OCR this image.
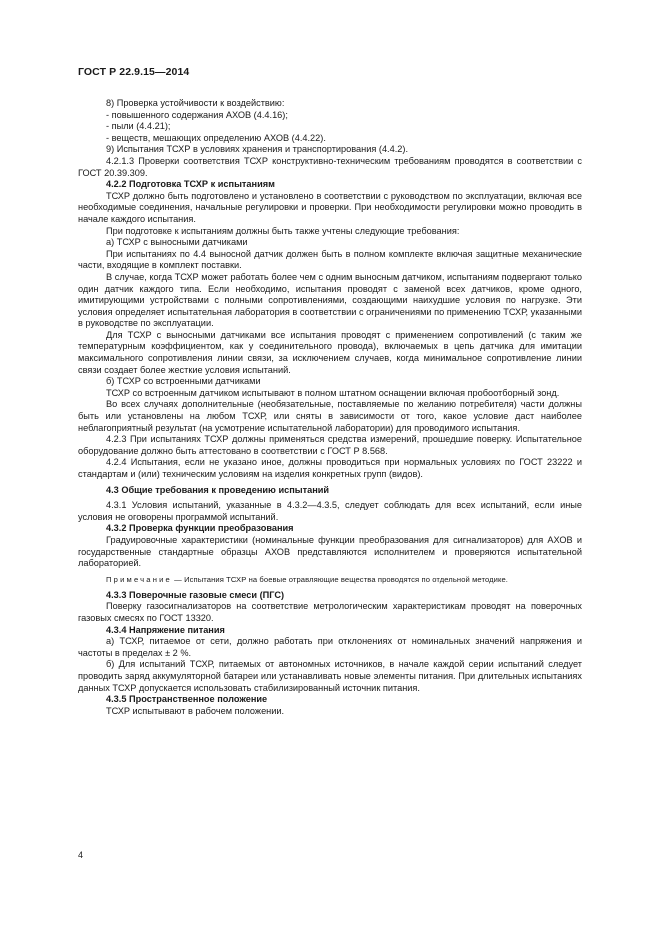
ГОСТ Р 22.9.15—2014

8) Проверка устойчивости к воздействию:

- повышенного содержания АХОВ (4.4.16);

- пыли (4.4.21);

- веществ, мешающих определению АХОВ (4.4.22).

9) Испытания ТСХР в условиях хранения и транспортирования (4.4.2).

4.2.1.3 Проверки соответствия ТСХР конструктивно-техническим требованиям проводятся в соответствии с ГОСТ 20.39.309.

4.2.2 Подготовка ТСХР к испытаниям

ТСХР должно быть подготовлено и установлено в соответствии с руководством по эксплуатации, включая все необходимые соединения, начальные регулировки и проверки. При необходимости регулировки можно проводить в начале каждого испытания.

При подготовке к испытаниям должны быть также учтены следующие требования:

а) ТСХР с выносными датчиками

При испытаниях по 4.4 выносной датчик должен быть в полном комплекте включая защитные механические части, входящие в комплект поставки.

В случае, когда ТСХР может работать более чем с одним выносным датчиком, испытаниям подвергают только один датчик каждого типа. Если необходимо, испытания проводят с заменой всех датчиков, кроме одного, имитирующими устройствами с полными сопротивлениями, создающими наихудшие условия по нагрузке. Эти условия определяет испытательная лаборатория в соответствии с ограничениями по применению ТСХР, указанными в руководстве по эксплуатации.

Для ТСХР с выносными датчиками все испытания проводят с применением сопротивлений (с таким же температурным коэффициентом, как у соединительного провода), включаемых в цепь датчика для имитации максимального сопротивления линии связи, за исключением случаев, когда минимальное сопротивление линии связи создает более жесткие условия испытаний.

б) ТСХР со встроенными датчиками

ТСХР со встроенным датчиком испытывают в полном штатном оснащении включая пробоотборный зонд.

Во всех случаях дополнительные (необязательные, поставляемые по желанию потребителя) части должны быть или установлены на любом ТСХР, или сняты в зависимости от того, какое условие даст наиболее неблагоприятный результат (на усмотрение испытательной лаборатории) для проводимого испытания.

4.2.3 При испытаниях ТСХР должны применяться средства измерений, прошедшие поверку. Испытательное оборудование должно быть аттестовано в соответствии с ГОСТ Р 8.568.

4.2.4 Испытания, если не указано иное, должны проводиться при нормальных условиях по ГОСТ 23222 и стандартам и (или) техническим условиям на изделия конкретных групп (видов).

4.3 Общие требования к проведению испытаний

4.3.1 Условия испытаний, указанные в 4.3.2—4.3.5, следует соблюдать для всех испытаний, если иные условия не оговорены программой испытаний.

4.3.2 Проверка функции преобразования

Градуировочные характеристики (номинальные функции преобразования для сигнализаторов) для АХОВ и государственные стандартные образцы АХОВ представляются исполнителем и проверяются испытательной лабораторией.

Примечание — Испытания ТСХР на боевые отравляющие вещества проводятся по отдельной методике.

4.3.3 Поверочные газовые смеси (ПГС)

Поверку газосигнализаторов на соответствие метрологическим характеристикам проводят на поверочных газовых смесях по ГОСТ 13320.

4.3.4 Напряжение питания

а) ТСХР, питаемое от сети, должно работать при отклонениях от номинальных значений напряжения и частоты в пределах ± 2 %.

б) Для испытаний ТСХР, питаемых от автономных источников, в начале каждой серии испытаний следует проводить заряд аккумуляторной батареи или устанавливать новые элементы питания. При длительных испытаниях данных ТСХР допускается использовать стабилизированный источник питания.

4.3.5 Пространственное положение

ТСХР испытывают в рабочем положении.

4
